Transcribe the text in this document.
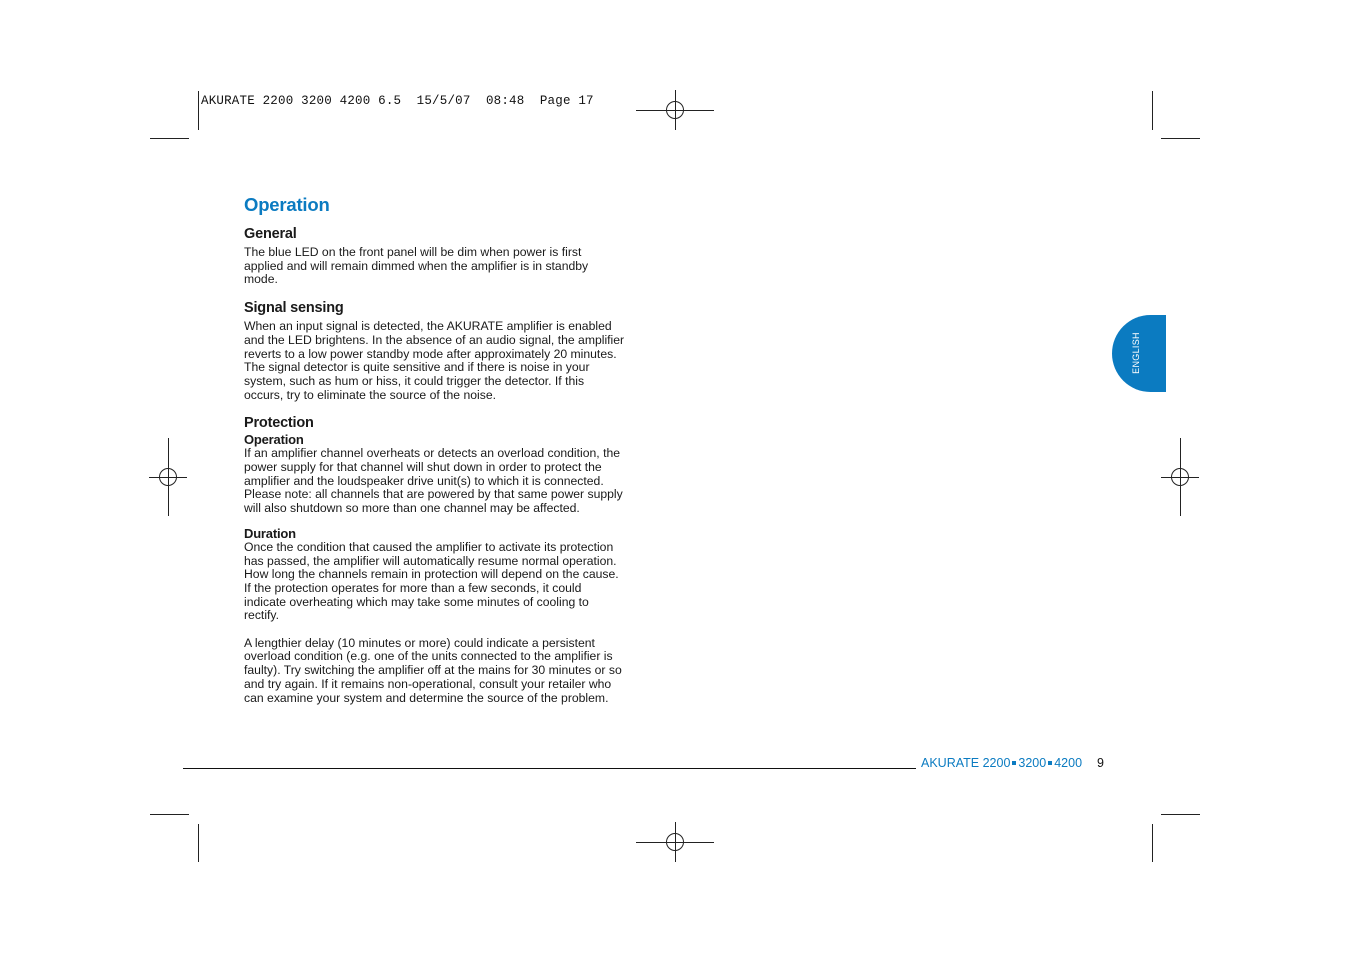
AKURATE 2200 3200 4200 6.5  15/5/07  08:48  Page 17
Operation
General
The blue LED on the front panel will be dim when power is first
applied and will remain dimmed when the amplifier is in standby
mode.
Signal sensing
When an input signal is detected, the AKURATE amplifier is enabled
and the LED brightens. In the absence of an audio signal, the amplifier
reverts to a low power standby mode after approximately 20 minutes.
The signal detector is quite sensitive and if there is noise in your
system, such as hum or hiss, it could trigger the detector. If this
occurs, try to eliminate the source of the noise.
Protection
Operation
If an amplifier channel overheats or detects an overload condition, the
power supply for that channel will shut down in order to protect the
amplifier and the loudspeaker drive unit(s) to which it is connected.
Please note: all channels that are powered by that same power supply
will also shutdown so more than one channel may be affected.
Duration
Once the condition that caused the amplifier to activate its protection
has passed, the amplifier will automatically resume normal operation.
How long the channels remain in protection will depend on the cause.
If the protection operates for more than a few seconds, it could
indicate overheating which may take some minutes of cooling to
rectify.
A lengthier delay (10 minutes or more) could indicate a persistent
overload condition (e.g. one of the units connected to the amplifier is
faulty). Try switching the amplifier off at the mains for 30 minutes or so
and try again. If it remains non-operational, consult your retailer who
can examine your system and determine the source of the problem.
ENGLISH
AKURATE 2200 3200 4200 9
